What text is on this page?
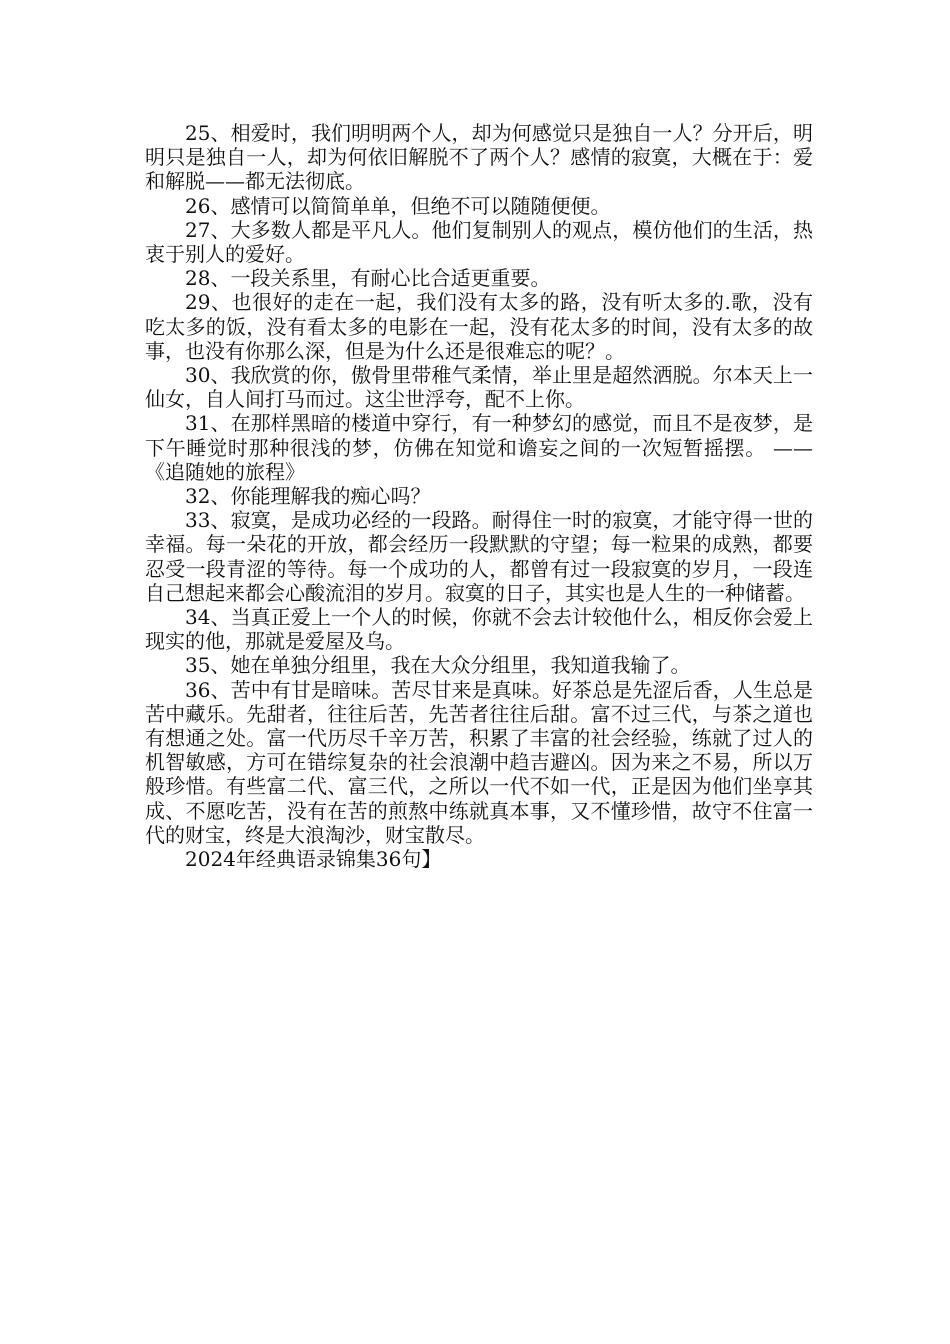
25、相爱时，我们明明两个人，却为何感觉只是独自一人？分开后，明明只是独自一人，却为何依旧解脱不了两个人？感情的寂寞，大概在于：爱和解脱——都无法彻底。

26、感情可以简简单单，但绝不可以随随便便。

27、大多数人都是平凡人。他们复制别人的观点，模仿他们的生活，热衷于别人的爱好。

28、一段关系里，有耐心比合适更重要。

29、也很好的走在一起，我们没有太多的路，没有听太多的.歌，没有吃太多的饭，没有看太多的电影在一起，没有花太多的时间，没有太多的故事，也没有你那么深，但是为什么还是很难忘的呢？。

30、我欣赏的你，傲骨里带稚气柔情，举止里是超然洒脱。尔本天上一仙女，自人间打马而过。这尘世浮夸，配不上你。

31、在那样黑暗的楼道中穿行，有一种梦幻的感觉，而且不是夜梦，是下午睡觉时那种很浅的梦，仿佛在知觉和谵妄之间的一次短暂摇摆。 ——《追随她的旅程》

32、你能理解我的痴心吗？

33、寂寞，是成功必经的一段路。耐得住一时的寂寞，才能守得一世的幸福。每一朵花的开放，都会经历一段默默的守望；每一粒果的成熟，都要忍受一段青涩的等待。每一个成功的人，都曾有过一段寂寞的岁月，一段连自己想起来都会心酸流泪的岁月。寂寞的日子，其实也是人生的一种储蓄。

34、当真正爱上一个人的时候，你就不会去计较他什么，相反你会爱上现实的他，那就是爱屋及乌。

35、她在单独分组里，我在大众分组里，我知道我输了。

36、苦中有甘是暗味。苦尽甘来是真味。好茶总是先涩后香，人生总是苦中藏乐。先甜者，往往后苦，先苦者往往后甜。富不过三代，与茶之道也有想通之处。富一代历尽千辛万苦，积累了丰富的社会经验，练就了过人的机智敏感，方可在错综复杂的社会浪潮中趋吉避凶。因为来之不易，所以万般珍惜。有些富二代、富三代，之所以一代不如一代，正是因为他们坐享其成、不愿吃苦，没有在苦的煎熬中练就真本事，又不懂珍惜，故守不住富一代的财宝，终是大浪淘沙，财宝散尽。

2024年经典语录锦集36句】
